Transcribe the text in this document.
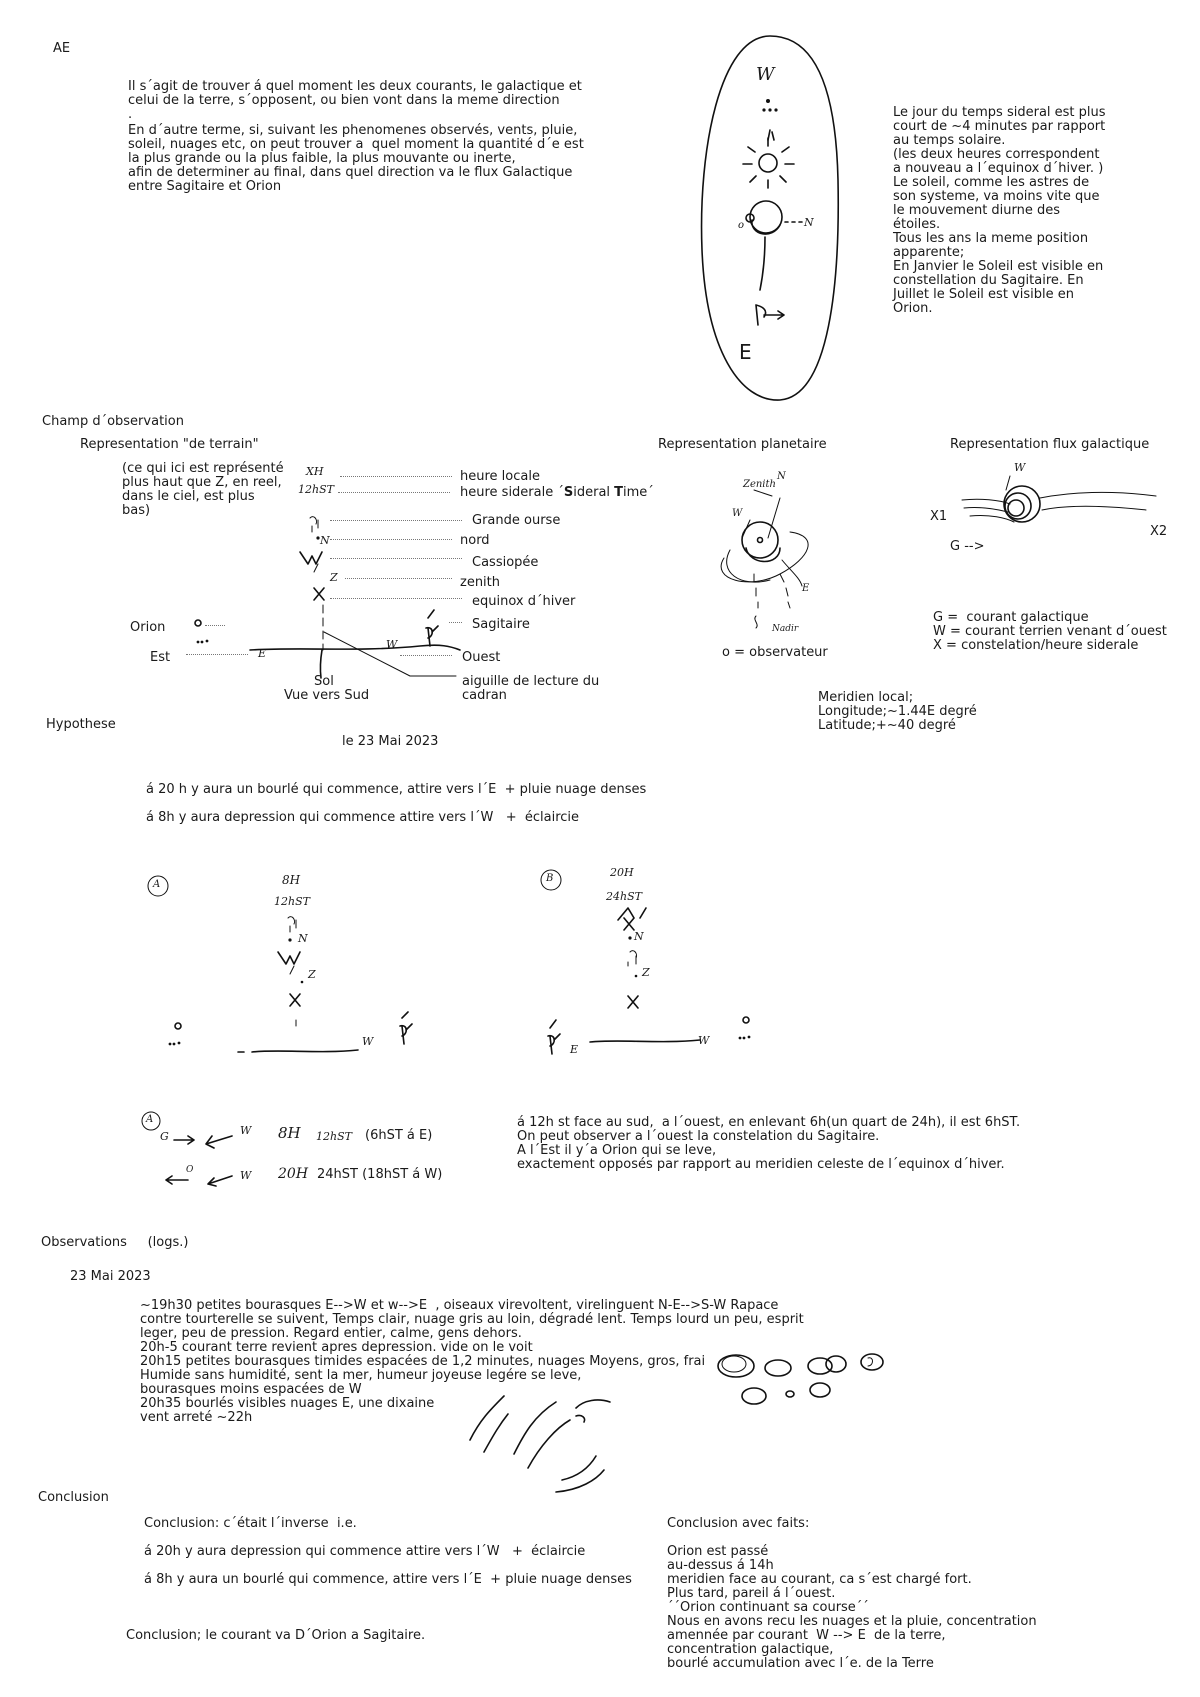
AE
Il s´agit de trouver á quel moment les deux courants, le galactique et
celui de la terre, s´opposent, ou bien vont dans la meme direction
.
En d´autre terme, si, suivant les phenomenes observés, vents, pluie,
soleil, nuages etc, on peut trouver a  quel moment la quantité d´e est
la plus grande ou la plus faible, la plus mouvante ou inerte,
afin de determiner au final, dans quel direction va le flux Galactique
entre Sagitaire et Orion
W
o	N
E
Le jour du temps sideral est plus
court de ~4 minutes par rapport
au temps solaire.
(les deux heures correspondent
a nouveau a l´equinox d´hiver. )
Le soleil, comme les astres de
son systeme, va moins vite que
le mouvement diurne des
étoiles.
Tous les ans la meme position
apparente;
En Janvier le Soleil est visible en
constellation du Sagitaire. En
Juillet le Soleil est visible en
Orion.
Champ d´observation
Representation "de terrain"
(ce qui ici est représenté
plus haut que Z, en reel,
dans le ciel, est plus
bas)
XH
12hST
N
Z
E
W
heure locale
heure siderale ´Sideral Time´
Grande ourse
nord
Cassiopée
zenith
equinox d´hiver
Sagitaire
Ouest
aiguille de lecture du
cadran
Orion
Est
Sol
Vue vers Sud
Representation planetaire
Zenith
N
W
E
Nadir
o = observateur
Representation flux galactique
W
X1
X2
G -->
G =  courant galactique
W = courant terrien venant d´ouest
X = constelation/heure siderale
Meridien local;
Longitude;~1.44E degré
Latitude;+~40 degré
Hypothese
le 23 Mai 2023
á 20 h y aura un bourlé qui commence, attire vers l´E  + pluie nuage denses
á 8h y aura depression qui commence attire vers l´W   +  éclaircie
A	8H
12hST
N
Z
W
B	20H
24hST
N
Z
E
W
A
G	W
O	W
8H 12hST (6hST á E)
20H 24hST (18hST á W)
á 12h st face au sud,  a l´ouest, en enlevant 6h(un quart de 24h), il est 6hST.
On peut observer a l´ouest la constelation du Sagitaire.
A l´Est il y´a Orion qui se leve,
exactement opposés par rapport au meridien celeste de l´equinox d´hiver.
Observations     (logs.)
23 Mai 2023
~19h30 petites bourasques E-->W et w-->E  , oiseaux virevoltent, virelinguent N-E-->S-W Rapace
contre tourterelle se suivent, Temps clair, nuage gris au loin, dégradé lent. Temps lourd un peu, esprit
leger, peu de pression. Regard entier, calme, gens dehors.
20h-5 courant terre revient apres depression. vide on le voit
20h15 petites bourasques timides espacées de 1,2 minutes, nuages Moyens, gros, frai
Humide sans humidité, sent la mer, humeur joyeuse legére se leve,
bourasques moins espacées de W
20h35 bourlés visibles nuages E, une dixaine
vent arreté ~22h
Conclusion
Conclusion: c´était l´inverse  i.e.
á 20h y aura depression qui commence attire vers l´W   +  éclaircie
á 8h y aura un bourlé qui commence, attire vers l´E  + pluie nuage denses
Conclusion; le courant va D´Orion a Sagitaire.
Conclusion avec faits:
Orion est passé
au-dessus á 14h
meridien face au courant, ca s´est chargé fort.
Plus tard, pareil á l´ouest.
´´Orion continuant sa course´´
Nous en avons recu les nuages et la pluie, concentration
amennée par courant  W --> E  de la terre,
concentration galactique,
bourlé accumulation avec l´e. de la Terre
